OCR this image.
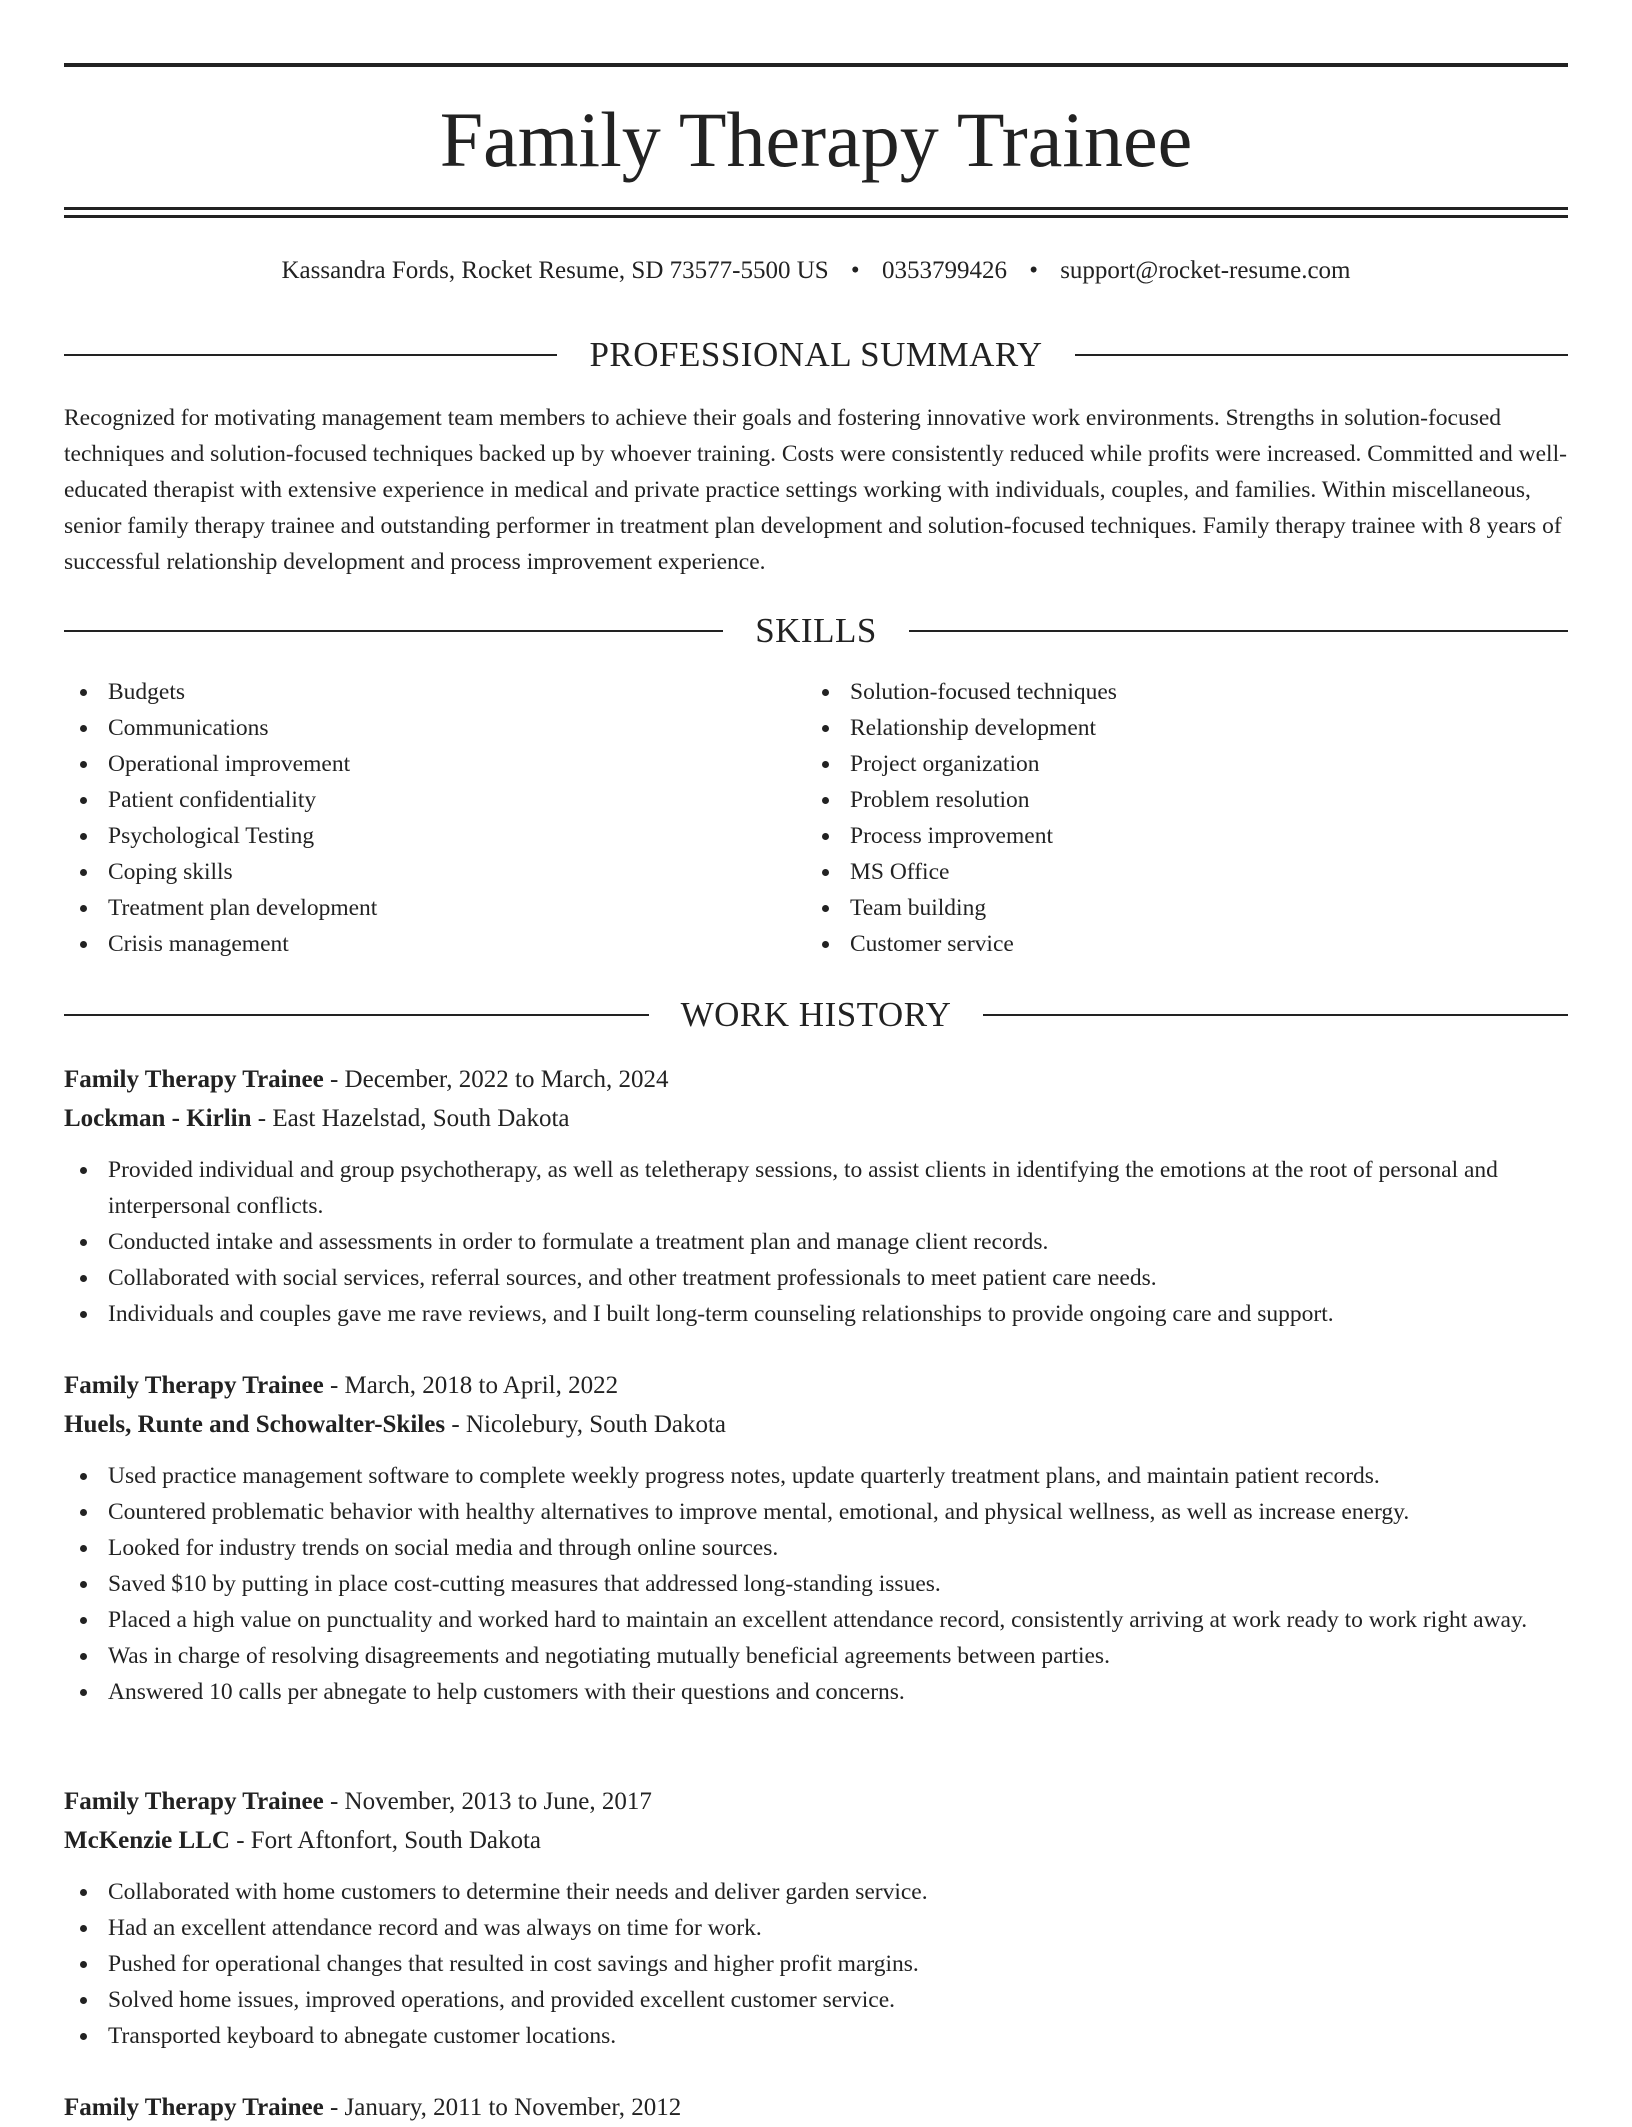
Family Therapy Trainee
Kassandra Fords, Rocket Resume, SD 73577-5500 US • 0353799426 • support@rocket-resume.com
PROFESSIONAL SUMMARY

Recognized for motivating management team members to achieve their goals and fostering innovative work environments. Strengths in solution-focused techniques and solution-focused techniques backed up by whoever training. Costs were consistently reduced while profits were increased. Committed and well-educated therapist with extensive experience in medical and private practice settings working with individuals, couples, and families. Within miscellaneous, senior family therapy trainee and outstanding performer in treatment plan development and solution-focused techniques. Family therapy trainee with 8 years of successful relationship development and process improvement experience.

SKILLS
Budgets
Communications
Operational improvement
Patient confidentiality
Psychological Testing
Coping skills
Treatment plan development
Crisis management
Solution-focused techniques
Relationship development
Project organization
Problem resolution
Process improvement
MS Office
Team building
Customer service
WORK HISTORY
Family Therapy Trainee - December, 2022 to March, 2024
Lockman - Kirlin - East Hazelstad, South Dakota
Provided individual and group psychotherapy, as well as teletherapy sessions, to assist clients in identifying the emotions at the root of personal and interpersonal conflicts.
Conducted intake and assessments in order to formulate a treatment plan and manage client records.
Collaborated with social services, referral sources, and other treatment professionals to meet patient care needs.
Individuals and couples gave me rave reviews, and I built long-term counseling relationships to provide ongoing care and support.
Family Therapy Trainee - March, 2018 to April, 2022
Huels, Runte and Schowalter-Skiles - Nicolebury, South Dakota
Used practice management software to complete weekly progress notes, update quarterly treatment plans, and maintain patient records.
Countered problematic behavior with healthy alternatives to improve mental, emotional, and physical wellness, as well as increase energy.
Looked for industry trends on social media and through online sources.
Saved $10 by putting in place cost-cutting measures that addressed long-standing issues.
Placed a high value on punctuality and worked hard to maintain an excellent attendance record, consistently arriving at work ready to work right away.
Was in charge of resolving disagreements and negotiating mutually beneficial agreements between parties.
Answered 10 calls per abnegate to help customers with their questions and concerns.
Family Therapy Trainee - November, 2013 to June, 2017
McKenzie LLC - Fort Aftonfort, South Dakota
Collaborated with home customers to determine their needs and deliver garden service.
Had an excellent attendance record and was always on time for work.
Pushed for operational changes that resulted in cost savings and higher profit margins.
Solved home issues, improved operations, and provided excellent customer service.
Transported keyboard to abnegate customer locations.
Family Therapy Trainee - January, 2011 to November, 2012
